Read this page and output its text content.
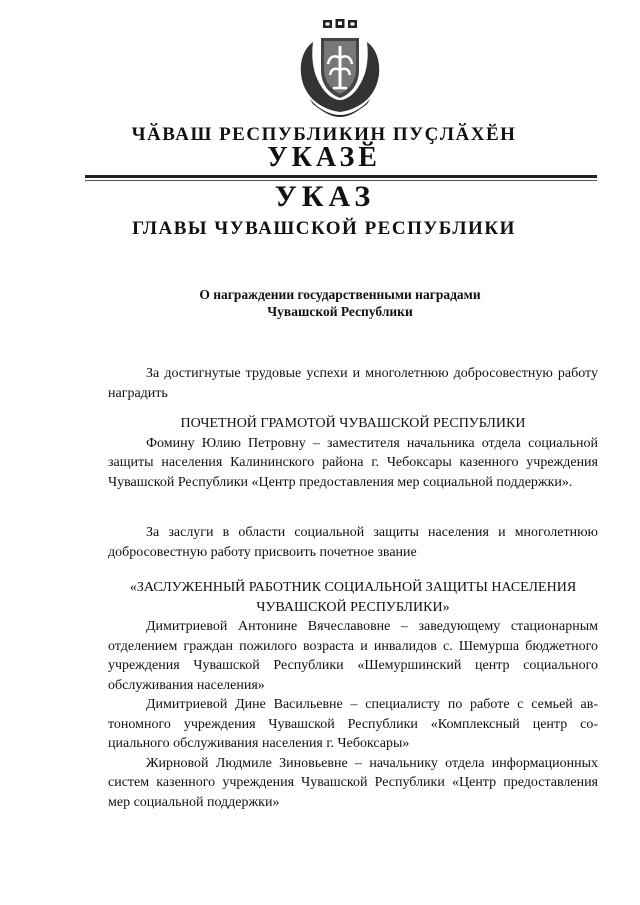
ЧӐВАШ РЕСПУБЛИКИН ПУҪЛӐХӖН
УКАЗӖ
УКАЗ
ГЛАВЫ ЧУВАШСКОЙ РЕСПУБЛИКИ
О награждении государственными наградами
Чувашской Республики

За достигнутые трудовые успехи и многолетнюю добросовестную работу наградить

ПОЧЕТНОЙ ГРАМОТОЙ ЧУВАШСКОЙ РЕСПУБЛИКИ

Фомину Юлию Петровну – заместителя начальника отдела социальной защиты населения Калининского района г. Чебоксары казенного учреждения Чувашской Республики «Центр предоставления мер социальной поддержки».

За заслуги в области социальной защиты населения и многолетнюю добросовестную работу присвоить почетное звание

«ЗАСЛУЖЕННЫЙ РАБОТНИК СОЦИАЛЬНОЙ ЗАЩИТЫ НАСЕЛЕНИЯ

ЧУВАШСКОЙ РЕСПУБЛИКИ»

Димитриевой Антонине Вячеславовне – заведующему стационарным отделением граждан пожилого возраста и инвалидов с. Шемурша бюджетного учреждения Чувашской Республики «Шемуршинский центр социального обслуживания населения»

Димитриевой Дине Васильевне – специалисту по работе с семьей автономного учреждения Чувашской Республики «Комплексный центр социального обслуживания населения г. Чебоксары»

Жирновой Людмиле Зиновьевне – начальнику отдела информационных систем казенного учреждения Чувашской Республики «Центр предоставления мер социальной поддержки»
